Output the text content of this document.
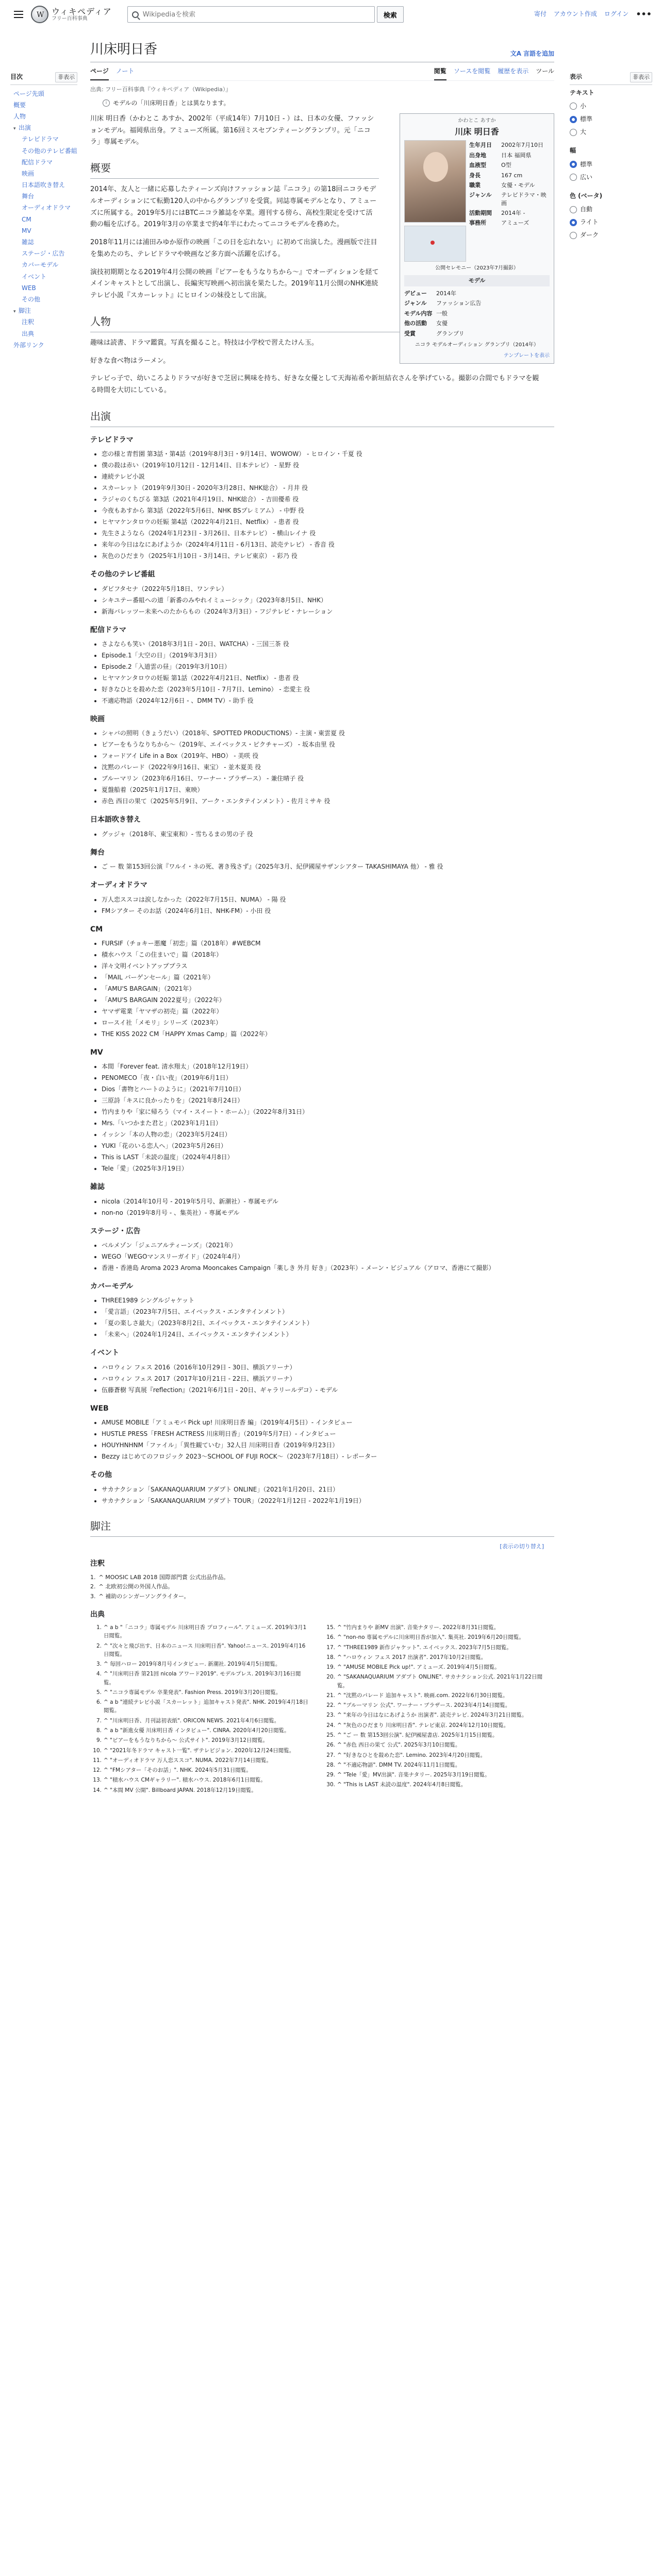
W
ウィキペディア
フリー百科事典
Wikipediaを検索	検索	寄付 アカウント作成 ログイン •••
目次	非表示
ページ先頭
概要
人物
▾ 出演
テレビドラマ
その他のテレビ番組
配信ドラマ
映画
日本語吹き替え
舞台
オーディオドラマ
CM
MV
雑誌
ステージ・広告
カバーモデル
イベント
WEB
その他
▾ 脚注
注釈
出典
外部リンク
川床明日香	文A 言語を追加
ページ ノート	閲覧 ソースを閲覧 履歴を表示 ツール
出典: フリー百科事典『ウィキペディア（Wikipedia）』
i モデルの「川床明日香」とは異なります。
かわとこ あすか
川床 明日香
生年月日	2002年7月10日
出身地	日本 福岡県
血液型	O型
身長	167 cm
職業	女優・モデル
ジャンル	テレビドラマ・映画
活動期間	2014年 -
事務所	アミューズ
公開セレモニー（2023年7月撮影）
モデル
デビュー	2014年
ジャンル	ファッション広告
モデル内容 一般
他の活動	女優
受賞	グランプリ
ニコラ モデルオーディション グランプリ（2014年）
テンプレートを表示

川床 明日香（かわとこ あすか、2002年（平成14年）7月10日 - ）は、日本の女優、ファッションモデル。福岡県出身。アミューズ所属。第16回ミスセブンティーングランプリ。元「ニコラ」専属モデル。

概要

2014年、友人と一緒に応募したティーンズ向けファッション誌『ニコラ』の第18回ニコラモデルオーディションにて転勤120人の中からグランプリを受賞。同誌専属モデルとなり、アミューズに所属する。2019年5月にはBTCニコラ雑誌を卒業。週刊する傍ら、高校生限定を受けて活動の幅を広げる。2019年3月の卒業まで約4年半にわたってニコラモデルを務めた。

2018年11月には浦田みゆか原作の映画「この日を忘れない」に初めて出演した。漫画版で注目を集めたのち、テレビドラマや映画など多方面へ活躍を広げる。

演技初期期となる2019年4月公開の映画『ピアーをもうなりちから～』でオーディションを経てメインキャストとして出演し、長編実写映画へ初出演を果たした。2019年11月公開のNHK連続テレビ小説『スカーレット』にヒロインの妹役として出演。

人物

趣味は読書、ドラマ鑑賞。写真を撮ること。特技は小学校で習えたけん玉。

好きな食べ物はラーメン。

テレビっ子で、幼いころよりドラマが好きで芝居に興味を持ち、好きな女優として天海祐希や新垣結衣さんを挙げている。撮影の合間でもドラマを観る時間を大切にしている。

出演
テレビドラマ
• 恋の様と青哲園 第3話・第4話（2019年8月3日・9月14日、WOWOW） - ヒロイン・千夏 役
• 僕の殺は赤い（2019年10月12日 - 12月14日、日本テレビ） - 星野 役
• 連続テレビ小説
• スカーレット（2019年9月30日 - 2020年3月28日、NHK総合） - 月井 役
• ラジャのくちびる 第3話（2021年4月19日、NHK総合） - 吉田優希 役
• 今夜もあすから 第3話（2022年5月6日、NHK BSプレミアム） - 中野 役
• ヒヤマケンタロウの妊娠 第4話（2022年4月21日、Netflix） - 患者 役
• 先生さようなら（2024年1月23日 - 3月26日、日本テレビ） - 横山レイナ 役
• 来年の今日はなにあげようか（2024年4月11日 - 6月13日、読売テレビ） - 香音 役
• 灰色のひだまり（2025年1月10日 - 3月14日、テレビ東京） - 彩乃 役
その他のテレビ番組
• ダビフタセナ（2022年5月18日、ワンテレ）
• シキユテー番組への道「新番のみやれイミューシック」（2023年8月5日、NHK）
• 新海バレッツー未来へのたからもの（2024年3月3日）- フジテレビ・ナレーション
配信ドラマ
• さよならも笑い（2018年3月1日 - 20日、WATCHA）- 三国三茶 役
• Episode.1「大空の日」（2019年3月3日）
• Episode.2「入道雲の昼」（2019年3月10日）
• ヒヤマケンタロウの妊娠 第1話（2022年4月21日、Netflix） - 患者 役
• 好きなひとを殺めた恋（2023年5月10日 - 7月7日、Lemino） - 恋愛主 役
• 不適応物語（2024年12月6日 - 、DMM TV）- 助手 役
映画
• シャバの照明（きょうだい）（2018年、SPOTTED PRODUCTIONS）- 主演・東雲夏 役
• ピアーをもうなりちから～（2019年、エイベックス・ピクチャーズ） - 坂本由里 役
• フォードアイ Life in a Box（2019年、HBO） - 美咲 役
• 沈黙のパレード（2022年9月16日、東宝） - 並木夏美 役
• ブルーマリン（2023年6月16日、ワーナー・ブラザース） - 兼住晴子 役
• 夏盤船着（2025年1月17日、東映）
• 赤色 西日の果て（2025年5月9日、アーク・エンタテインメント）- 佐月ミサキ 役
日本語吹き替え
• グッジャ（2018年、東宝東和）- 雪ちるまの男の子 役
舞台
• ご ー 数 第153回公演『ワルイ・ネの死、著き残さず』（2025年3月、紀伊國屋サザンシアター TAKASHIMAYA 他） - 雅 役
オーディオドラマ
• 万人恋ススコは涙しなかった（2022年7月15日、NUMA） - 陽 役
• FMシアター そのお話（2024年6月1日、NHK-FM）- 小田 役
CM
• FURSIF（チョキー悪魔「初恋」篇（2018年）#WEBCM
• 積水ハウス「この住まいで」篇（2018年）
• 洋々文明イベントアッププラス
• 「MAIL バーゲンセール」篇（2021年）
• 「AMU'S BARGAIN」（2021年）
• 「AMU'S BARGAIN 2022夏号」（2022年）
• ヤマザ電業「ヤマザの初売」篇（2022年）
• ロースイ社「メモリ」シリーズ（2023年）
• THE KISS 2022 CM「HAPPY Xmas Camp」篇（2022年）
MV
• 本間「Forever feat. 清水翔太」（2018年12月19日）
• PENOMECO「夜・白い夜」（2019年6月1日）
• Dios「書物とハートのように」（2021年7月10日）
• 三原詩「キスに良かったりを」（2021年8月24日）
• 竹内まりや「家に帰ろう（マイ・スイート・ホーム）」（2022年8月31日）
• Mrs.「いつかまた君と」（2023年1月1日）
• イッシン「本の人物の恋」（2023年5月24日）
• YUKI「花のいる恋人へ」（2023年5月26日）
• This is LAST「未読の温度」（2024年4月8日）
• Tele「愛」（2025年3月19日）
雑誌
• nicola（2014年10月号 - 2019年5月号、新潮社）- 専属モデル
• non-no（2019年8月号 - 、集英社）- 専属モデル
ステージ・広告
• ベルメゾン「ジェニアルティーンズ」（2021年）
• WEGO「WEGOマンスリーガイド」（2024年4月）
• 香港・香港島 Aroma 2023 Aroma Mooncakes Campaign「薬しき 外月 好き」（2023年）- メーン・ビジュアル（アロマ、香港にて撮影）
カバーモデル
• THREE1989 シングルジャケット
• 「愛言語」（2023年7月5日、エイベックス・エンタテインメント）
• 「夏の楽しさ最大」（2023年8月2日、エイベックス・エンタテインメント）
• 「未来へ」（2024年1月24日、エイベックス・エンタテインメント）
イベント
• ハロウィン フェス 2016（2016年10月29日 - 30日、横浜アリーナ）
• ハロウィン フェス 2017（2017年10月21日 - 22日、横浜アリーナ）
• 伍藤蒼樹 写真展『reflection』（2021年6月1日 - 20日、ギャラリールデコ）- モデル
WEB
• AMUSE MOBILE「アミュモバ Pick up! 川床明日香 編」（2019年4月5日）- インタビュー
• HUSTLE PRESS「FRESH ACTRESS 川床明日香」（2019年5月7日）- インタビュー
• HOUYHNHNM「ファイル」「異性観ていむ」32人目 川床明日香（2019年9月23日）
• Bezzy はじめてのフロジック 2023～SCHOOL OF FUJI ROCK～（2023年7月18日）- レポーター
その他
• サカナクション「SAKANAQUARIUM アダプト ONLINE」（2021年1月20日、21日）
• サカナクション「SAKANAQUARIUM アダプト TOUR」（2022年1月12日 - 2022年1月19日）
脚注
[表示の切り替え]
注釈
1. ^ MOOSIC LAB 2018 国際部門賞 公式出品作品。
2. ^ 北欧初公開の外国人作品。
3. ^ 補助のシンガーソングライター。
出典
1. ^ a b "「ニコラ」専属モデル 川床明日香 プロフィール". アミューズ. 2019年3月1日閲覧。
2. ^ "次々と飛び出す、日本のニュース 川床明日香". Yahoo!ニュース. 2019年4月16日閲覧。
3. ^ 毎回ハロー 2019年8月号インタビュー. 新潮社. 2019年4月5日閲覧。
4. ^ "川床明日香 第21回 nicola アワード2019". モデルプレス. 2019年3月16日閲覧。
5. ^ "ニコラ専属モデル 卒業発表". Fashion Press. 2019年3月20日閲覧。
6. ^ a b "連続テレビ小説「スカーレット」追加キャスト発表". NHK. 2019年4月18日閲覧。
7. ^ "川床明日香、月刊誌初表紙". ORICON NEWS. 2021年4月6日閲覧。
8. ^ a b "新進女優 川床明日香 インタビュー". CINRA. 2020年4月20日閲覧。
9. ^ "ピアーをもうなりちから～ 公式サイト". 2019年3月12日閲覧。
10. ^ "2021年冬ドラマ キャスト一覧". ザテレビジョン. 2020年12月24日閲覧。
11. ^ "オーディオドラマ 万人恋ススコ". NUMA. 2022年7月14日閲覧。
12. ^ "FMシアター「そのお話」". NHK. 2024年5月31日閲覧。
13. ^ "積水ハウス CMギャラリー". 積水ハウス. 2018年6月1日閲覧。
14. ^ "本間 MV 公開". Billboard JAPAN. 2018年12月19日閲覧。
15. ^ "竹内まりや 新MV 出演". 音楽ナタリー. 2022年8月31日閲覧。
16. ^ "non-no 専属モデルに川床明日香が加入". 集英社. 2019年6月20日閲覧。
17. ^ "THREE1989 新作ジャケット". エイベックス. 2023年7月5日閲覧。
18. ^ "ハロウィン フェス 2017 出演者". 2017年10月2日閲覧。
19. ^ "AMUSE MOBILE Pick up!". アミューズ. 2019年4月5日閲覧。
20. ^ "SAKANAQUARIUM アダプト ONLINE". サカナクション公式. 2021年1月22日閲覧。
21. ^ "沈黙のパレード 追加キャスト". 映画.com. 2022年6月30日閲覧。
22. ^ "ブルーマリン 公式". ワーナー・ブラザース. 2023年4月14日閲覧。
23. ^ "来年の今日はなにあげようか 出演者". 読売テレビ. 2024年3月21日閲覧。
24. ^ "灰色のひだまり 川床明日香". テレビ東京. 2024年12月10日閲覧。
25. ^ "ご ー 数 第153回公演". 紀伊國屋書店. 2025年1月15日閲覧。
26. ^ "赤色 西日の果て 公式". 2025年3月10日閲覧。
27. ^ "好きなひとを殺めた恋". Lemino. 2023年4月20日閲覧。
28. ^ "不適応物語". DMM TV. 2024年11月1日閲覧。
29. ^ "Tele「愛」MV出演". 音楽ナタリー. 2025年3月19日閲覧。
30. ^ "This is LAST 未読の温度". 2024年4月8日閲覧。
表示	非表示
テキスト
小
標準
大
幅
標準
広い
色 (ベータ)
自動
ライト
ダーク
